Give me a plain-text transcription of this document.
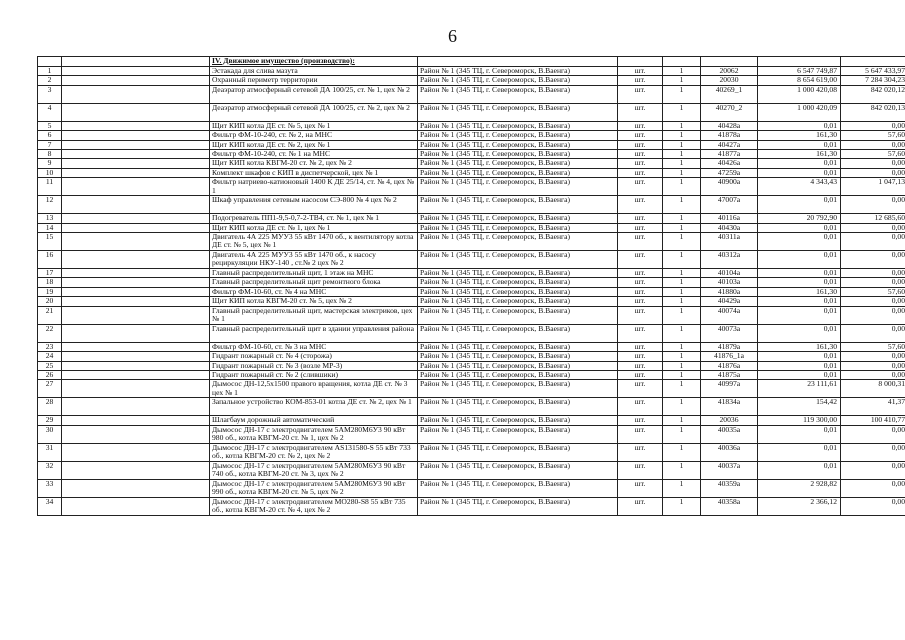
6
		IV. Движимое имущество (производство):						
1		Эстакада для слива мазута	Район № 1 (345 ТЦ, г. Североморск, В.Ваенга)	шт.	1	20062	6 547 749,87	5 647 433,97
2		Охранный периметр территории	Район № 1 (345 ТЦ, г. Североморск, В.Ваенга)	шт.	1	20030	8 654 619,00	7 284 304,23
3		Деаэратор атмосферный сетевой ДА 100/25, ст. № 1, цех № 2	Район № 1 (345 ТЦ, г. Североморск, В.Ваенга)	шт.	1	40269_1	1 000 420,08	842 020,12
4		Деаэратор атмосферный сетевой ДА 100/25, ст. № 2, цех № 2	Район № 1 (345 ТЦ, г. Североморск, В.Ваенга)	шт.	1	40270_2	1 000 420,09	842 020,13
5		Щит КИП котла ДЕ ст. № 5, цех № 1	Район № 1 (345 ТЦ, г. Североморск, В.Ваенга)	шт.	1	40428а	0,01	0,00
6		Фильтр ФМ-10-240, ст. № 2, на МНС	Район № 1 (345 ТЦ, г. Североморск, В.Ваенга)	шт.	1	41878а	161,30	57,60
7		Щит КИП котла ДЕ ст. № 2, цех № 1	Район № 1 (345 ТЦ, г. Североморск, В.Ваенга)	шт.	1	40427а	0,01	0,00
8		Фильтр ФМ-10-240, ст. № 1 на МНС	Район № 1 (345 ТЦ, г. Североморск, В.Ваенга)	шт.	1	41877а	161,30	57,60
9		Щит КИП котла КВГМ-20 ст. № 2, цех № 2	Район № 1 (345 ТЦ, г. Североморск, В.Ваенга)	шт.	1	40426а	0,01	0,00
10		Комплект шкафов с КИП в диспетчерской, цех № 1	Район № 1 (345 ТЦ, г. Североморск, В.Ваенга)	шт.	1	47259а	0,01	0,00
11		Фильтр натриево-катионовый 1400 К ДЕ 25/14, ст. № 4, цех № 1	Район № 1 (345 ТЦ, г. Североморск, В.Ваенга)	шт.	1	40900а	4 343,43	1 047,13
12		Шкаф управления сетевым насосом СЭ-800 № 4 цех № 2	Район № 1 (345 ТЦ, г. Североморск, В.Ваенга)	шт.	1	47007а	0,01	0,00
13		Подогреватель ПП1-9,5-0,7-2-ТВ4, ст. № 1, цех № 1	Район № 1 (345 ТЦ, г. Североморск, В.Ваенга)	шт.	1	40116а	20 792,90	12 685,60
14		Щит КИП котла ДЕ ст. № 1, цех № 1	Район № 1 (345 ТЦ, г. Североморск, В.Ваенга)	шт.	1	40430а	0,01	0,00
15		Двигатель 4А 225 МУУ3 55 кВт 1470 об., к вентилятору котла ДЕ ст. № 5, цех № 1	Район № 1 (345 ТЦ, г. Североморск, В.Ваенга)	шт.	1	40311а	0,01	0,00
16		Двигатель 4А 225 МУУ3 55 кВт 1470 об., к насосу рециркуляции НКУ-140 , ст.№ 2 цех № 2	Район № 1 (345 ТЦ, г. Североморск, В.Ваенга)	шт.	1	40312а	0,01	0,00
17		Главный распределительный щит, 1 этаж на МНС	Район № 1 (345 ТЦ, г. Североморск, В.Ваенга)	шт.	1	40104а	0,01	0,00
18		Главный распределительный щит ремонтного блока	Район № 1 (345 ТЦ, г. Североморск, В.Ваенга)	шт.	1	40103а	0,01	0,00
19		Фильтр ФМ-10-60, ст. № 4 на МНС	Район № 1 (345 ТЦ, г. Североморск, В.Ваенга)	шт.	1	41880а	161,30	57,60
20		Щит КИП котла КВГМ-20 ст. № 5, цех № 2	Район № 1 (345 ТЦ, г. Североморск, В.Ваенга)	шт.	1	40429а	0,01	0,00
21		Главный распределительный щит, мастерская электриков, цех № 1	Район № 1 (345 ТЦ, г. Североморск, В.Ваенга)	шт.	1	40074а	0,01	0,00
22		Главный распределительный щит в здании управления района	Район № 1 (345 ТЦ, г. Североморск, В.Ваенга)	шт.	1	40073а	0,01	0,00
23		Фильтр ФМ-10-60, ст. № 3 на МНС	Район № 1 (345 ТЦ, г. Североморск, В.Ваенга)	шт.	1	41879а	161,30	57,60
24		Гидрант пожарный ст. № 4 (сторожа)	Район № 1 (345 ТЦ, г. Североморск, В.Ваенга)	шт.	1	41876_1а	0,01	0,00
25		Гидрант пожарный ст. № 3 (возле МР-3)	Район № 1 (345 ТЦ, г. Североморск, В.Ваенга)	шт.	1	41876а	0,01	0,00
26		Гидрант пожарный ст. № 2 (слившики)	Район № 1 (345 ТЦ, г. Североморск, В.Ваенга)	шт.	1	41875а	0,01	0,00
27		Дымосос ДН-12,5х1500 правого вращения, котла ДЕ ст. № 3 цех № 1	Район № 1 (345 ТЦ, г. Североморск, В.Ваенга)	шт.	1	40997а	23 111,61	8 000,31
28		Запальное устройство КОМ-853-01 котла ДЕ ст. № 2, цех № 1	Район № 1 (345 ТЦ, г. Североморск, В.Ваенга)	шт.	1	41834а	154,42	41,37
29		Шлагбаум дорожный автоматический	Район № 1 (345 ТЦ, г. Североморск, В.Ваенга)	шт.	1	20036	119 300,00	100 410,77
30		Дымосос ДН-17 с электродвигателем 5АМ280М6У3 90 кВт 980 об., котла КВГМ-20 ст. № 1, цех № 2	Район № 1 (345 ТЦ, г. Североморск, В.Ваенга)	шт.	1	40035а	0,01	0,00
31		Дымосос ДН-17 с электродвигателем AS131580-S 55 кВт 733 об., котла КВГМ-20 ст. № 2, цех № 2	Район № 1 (345 ТЦ, г. Североморск, В.Ваенга)	шт.	1	40036а	0,01	0,00
32		Дымосос ДН-17 с электродвигателем 5АМ280М6У3 90 кВт 740 об., котла КВГМ-20 ст. № 3, цех № 2	Район № 1 (345 ТЦ, г. Североморск, В.Ваенга)	шт.	1	40037а	0,01	0,00
33		Дымосос ДН-17 с электродвигателем 5АМ280М6У3 90 кВт 990 об., котла КВГМ-20 ст. № 5, цех № 2	Район № 1 (345 ТЦ, г. Североморск, В.Ваенга)	шт.	1	40359а	2 928,82	0,00
34		Дымосос ДН-17 с электродвигателем МО280-S8 55 кВт 735 об., котла КВГМ-20 ст. № 4, цех № 2	Район № 1 (345 ТЦ, г. Североморск, В.Ваенга)	шт.	1	40358а	2 366,12	0,00
